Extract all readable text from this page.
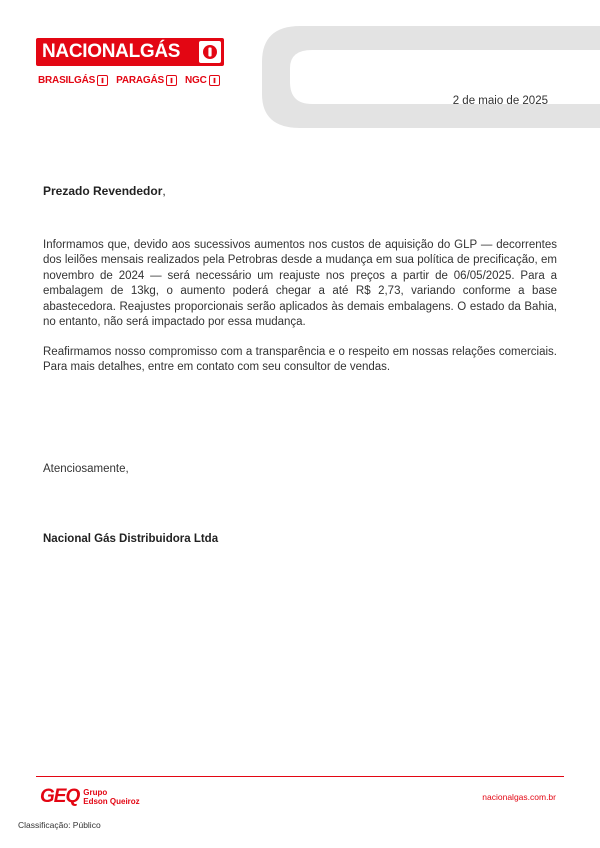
NACIONALGÁS
BRASILGÁS PARAGÁS NGC
2 de maio de 2025
Prezado Revendedor,

Informamos que, devido aos sucessivos aumentos nos custos de aquisição do GLP — decorrentes dos leilões mensais realizados pela Petrobras desde a mudança em sua política de precificação, em novembro de 2024 — será necessário um reajuste nos preços a partir de 06/05/2025. Para a embalagem de 13kg, o aumento poderá chegar a até R$ 2,73, variando conforme a base abastecedora. Reajustes proporcionais serão aplicados às demais embalagens. O estado da Bahia, no entanto, não será impactado por essa mudança.

Reafirmamos nosso compromisso com a transparência e o respeito em nossas relações comerciais. Para mais detalhes, entre em contato com seu consultor de vendas.

Atenciosamente,
Nacional Gás Distribuidora Ltda
GEQ Grupo
Edson Queiroz	nacionalgas.com.br
Classificação: Público
